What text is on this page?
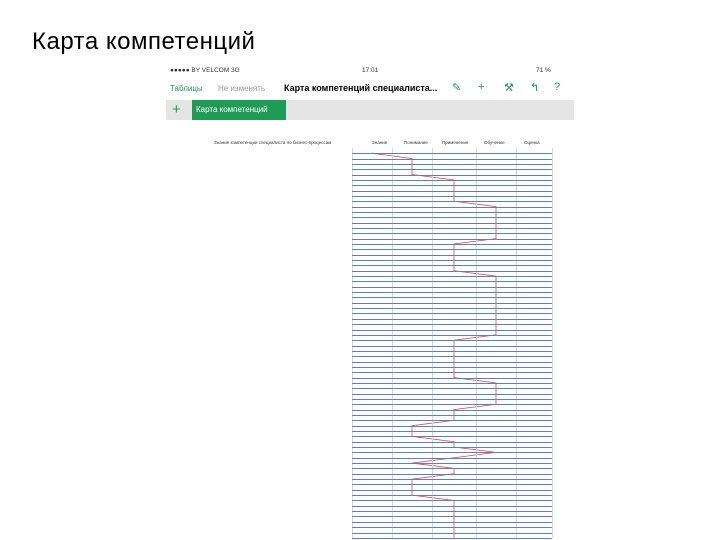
Карта компетенций
●●●●● BY VELCOM 3G	17:01	71 %
Таблицы Не изменять Карта компетенций специалиста... ✎ + ⚒ ↰ ?
+	Карта компетенций
Знание компетенции специалиста по бизнес-процессам	Знание	Понимание	Применение	Обучение	Оценка
